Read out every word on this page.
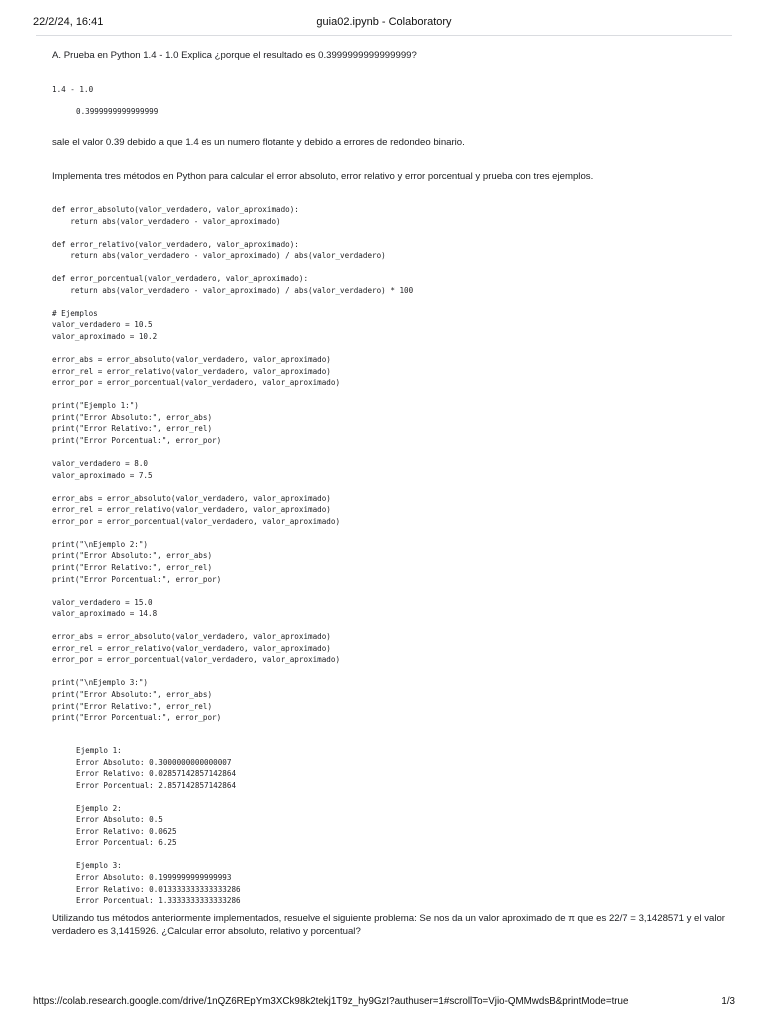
22/2/24, 16:41	guia02.ipynb - Colaboratory
A. Prueba en Python 1.4 - 1.0 Explica ¿porque el resultado es 0.3999999999999999?
1.4 - 1.0
0.3999999999999999
sale el valor 0.39 debido a que 1.4 es un numero flotante y debido a errores de redondeo binario.
Implementa tres métodos en Python para calcular el error absoluto, error relativo y error porcentual y prueba con tres ejemplos.
def error_absoluto(valor_verdadero, valor_aproximado):
return abs(valor_verdadero - valor_aproximado)

def error_relativo(valor_verdadero, valor_aproximado):
return abs(valor_verdadero - valor_aproximado) / abs(valor_verdadero)

def error_porcentual(valor_verdadero, valor_aproximado):
return abs(valor_verdadero - valor_aproximado) / abs(valor_verdadero) * 100

# Ejemplos
valor_verdadero = 10.5
valor_aproximado = 10.2

error_abs = error_absoluto(valor_verdadero, valor_aproximado)
error_rel = error_relativo(valor_verdadero, valor_aproximado)
error_por = error_porcentual(valor_verdadero, valor_aproximado)

print("Ejemplo 1:")
print("Error Absoluto:", error_abs)
print("Error Relativo:", error_rel)
print("Error Porcentual:", error_por)

valor_verdadero = 8.0
valor_aproximado = 7.5

error_abs = error_absoluto(valor_verdadero, valor_aproximado)
error_rel = error_relativo(valor_verdadero, valor_aproximado)
error_por = error_porcentual(valor_verdadero, valor_aproximado)

print("\nEjemplo 2:")
print("Error Absoluto:", error_abs)
print("Error Relativo:", error_rel)
print("Error Porcentual:", error_por)

valor_verdadero = 15.0
valor_aproximado = 14.8

error_abs = error_absoluto(valor_verdadero, valor_aproximado)
error_rel = error_relativo(valor_verdadero, valor_aproximado)
error_por = error_porcentual(valor_verdadero, valor_aproximado)

print("\nEjemplo 3:")
print("Error Absoluto:", error_abs)
print("Error Relativo:", error_rel)
print("Error Porcentual:", error_por)
Ejemplo 1:
Error Absoluto: 0.3000000000000007
Error Relativo: 0.02857142857142864
Error Porcentual: 2.857142857142864

Ejemplo 2:
Error Absoluto: 0.5
Error Relativo: 0.0625
Error Porcentual: 6.25

Ejemplo 3:
Error Absoluto: 0.1999999999999993
Error Relativo: 0.013333333333333286
Error Porcentual: 1.3333333333333286
Utilizando tus métodos anteriormente implementados, resuelve el siguiente problema: Se nos da un valor aproximado de π que es 22/7 = 3,1428571 y el valor verdadero es 3,1415926. ¿Calcular error absoluto, relativo y porcentual?
https://colab.research.google.com/drive/1nQZ6REpYm3XCk98k2tekj1T9z_hy9GzI?authuser=1#scrollTo=Vjio-QMMwdsB&printMode=true	1/3
